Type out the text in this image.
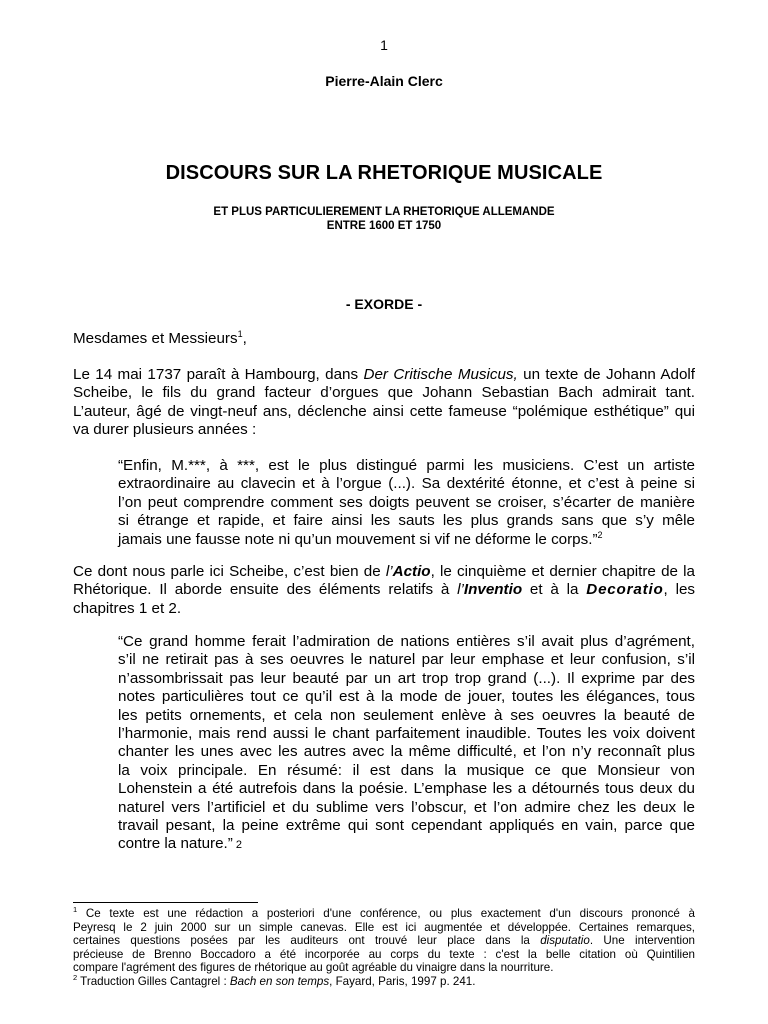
1
Pierre-Alain Clerc
DISCOURS SUR LA RHETORIQUE MUSICALE
ET PLUS PARTICULIEREMENT LA RHETORIQUE ALLEMANDE
ENTRE 1600 ET 1750
- EXORDE -
Mesdames et Messieurs$^1$,
Le 14 mai 1737 paraît à Hambourg, dans Der Critische Musicus, un texte de Johann Adolf
Scheibe, le fils du grand facteur d’orgues que Johann Sebastian Bach admirait tant.
L’auteur, âgé de vingt-neuf ans, déclenche ainsi cette fameuse “polémique esthétique” qui
va durer plusieurs années :
“Enfin, M.***, à ***, est le plus distingué parmi les musiciens. C’est un artiste
extraordinaire au clavecin et à l’orgue (...). Sa dextérité étonne, et c’est à peine si
l’on peut comprendre comment ses doigts peuvent se croiser, s’écarter de manière
si étrange et rapide, et faire ainsi les sauts les plus grands sans que s’y mêle
jamais une fausse note ni qu’un mouvement si vif ne déforme le corps.”$^2$
Ce dont nous parle ici Scheibe, c’est bien de l’Actio, le cinquième et dernier chapitre de la
Rhétorique. Il aborde ensuite des éléments relatifs à l’Inventio et à la Decoratio, les
chapitres 1 et 2.
“Ce grand homme ferait l’admiration de nations entières s’il avait plus d’agrément,
s’il ne retirait pas à ses oeuvres le naturel par leur emphase et leur confusion, s’il
n’assombrissait pas leur beauté par un art trop trop grand (...). Il exprime par des
notes particulières tout ce qu’il est à la mode de jouer, toutes les élégances, tous
les petits ornements, et cela non seulement enlève à ses oeuvres la beauté de
l’harmonie, mais rend aussi le chant parfaitement inaudible. Toutes les voix doivent
chanter les unes avec les autres avec la même difficulté, et l’on n’y reconnaît plus
la voix principale. En résumé: il est dans la musique ce que Monsieur von
Lohenstein a été autrefois dans la poésie. L’emphase les a détournés tous deux du
naturel vers l’artificiel et du sublime vers l’obscur, et l’on admire chez les deux le
travail pesant, la peine extrême qui sont cependant appliqués en vain, parce que
contre la nature.” 2
$^1$ Ce texte est une rédaction a posteriori d'une conférence, ou plus exactement d'un discours prononcé à
Peyresq le 2 juin 2000 sur un simple canevas. Elle est ici augmentée et développée. Certaines remarques,
certaines questions posées par les auditeurs ont trouvé leur place dans la disputatio. Une intervention
précieuse de Brenno Boccadoro a été incorporée au corps du texte : c'est la belle citation où Quintilien
compare l'agrément des figures de rhétorique au goût agréable du vinaigre dans la nourriture.
$^2$ Traduction Gilles Cantagrel : Bach en son temps, Fayard, Paris, 1997 p. 241.
